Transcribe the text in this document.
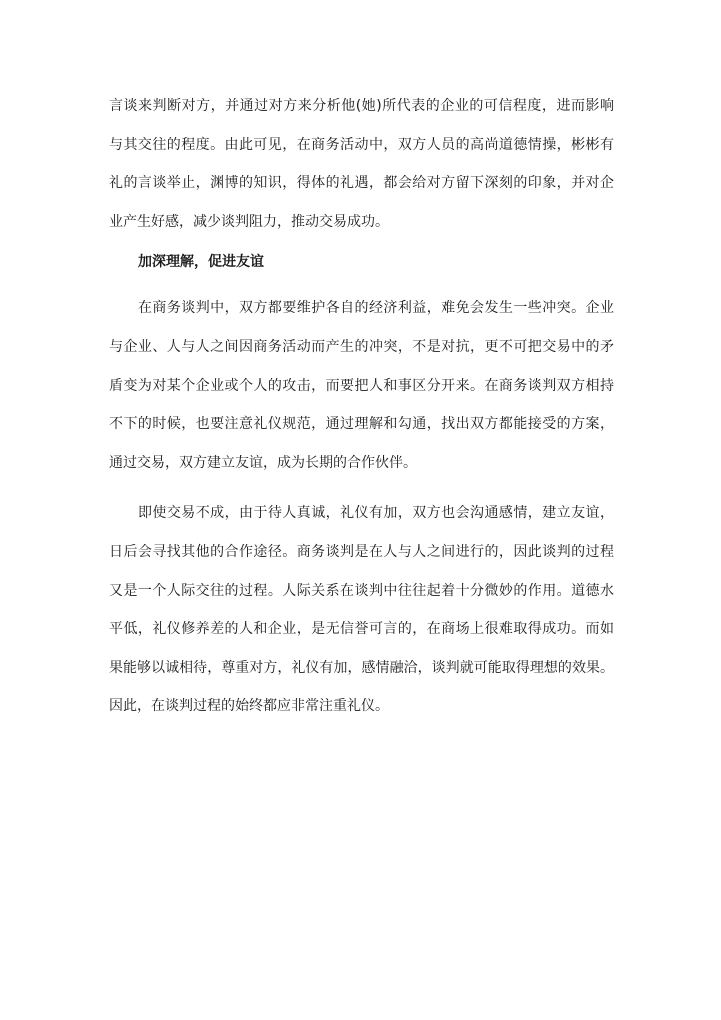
言谈来判断对方，并通过对方来分析他(她)所代表的企业的可信程度，进而影响
与其交往的程度。由此可见，在商务活动中，双方人员的高尚道德情操，彬彬有
礼的言谈举止，渊博的知识，得体的礼遇，都会给对方留下深刻的印象，并对企
业产生好感，减少谈判阻力，推动交易成功。
加深理解，促进友谊
在商务谈判中，双方都要维护各自的经济利益，难免会发生一些冲突。企业
与企业、人与人之间因商务活动而产生的冲突，不是对抗，更不可把交易中的矛
盾变为对某个企业或个人的攻击，而要把人和事区分开来。在商务谈判双方相持
不下的时候，也要注意礼仪规范，通过理解和勾通，找出双方都能接受的方案，
通过交易，双方建立友谊，成为长期的合作伙伴。
即使交易不成，由于待人真诚，礼仪有加，双方也会沟通感情，建立友谊，
日后会寻找其他的合作途径。商务谈判是在人与人之间进行的，因此谈判的过程
又是一个人际交往的过程。人际关系在谈判中往往起着十分微妙的作用。道德水
平低，礼仪修养差的人和企业，是无信誉可言的，在商场上很难取得成功。而如
果能够以诚相待，尊重对方，礼仪有加，感情融洽，谈判就可能取得理想的效果。
因此，在谈判过程的始终都应非常注重礼仪。
